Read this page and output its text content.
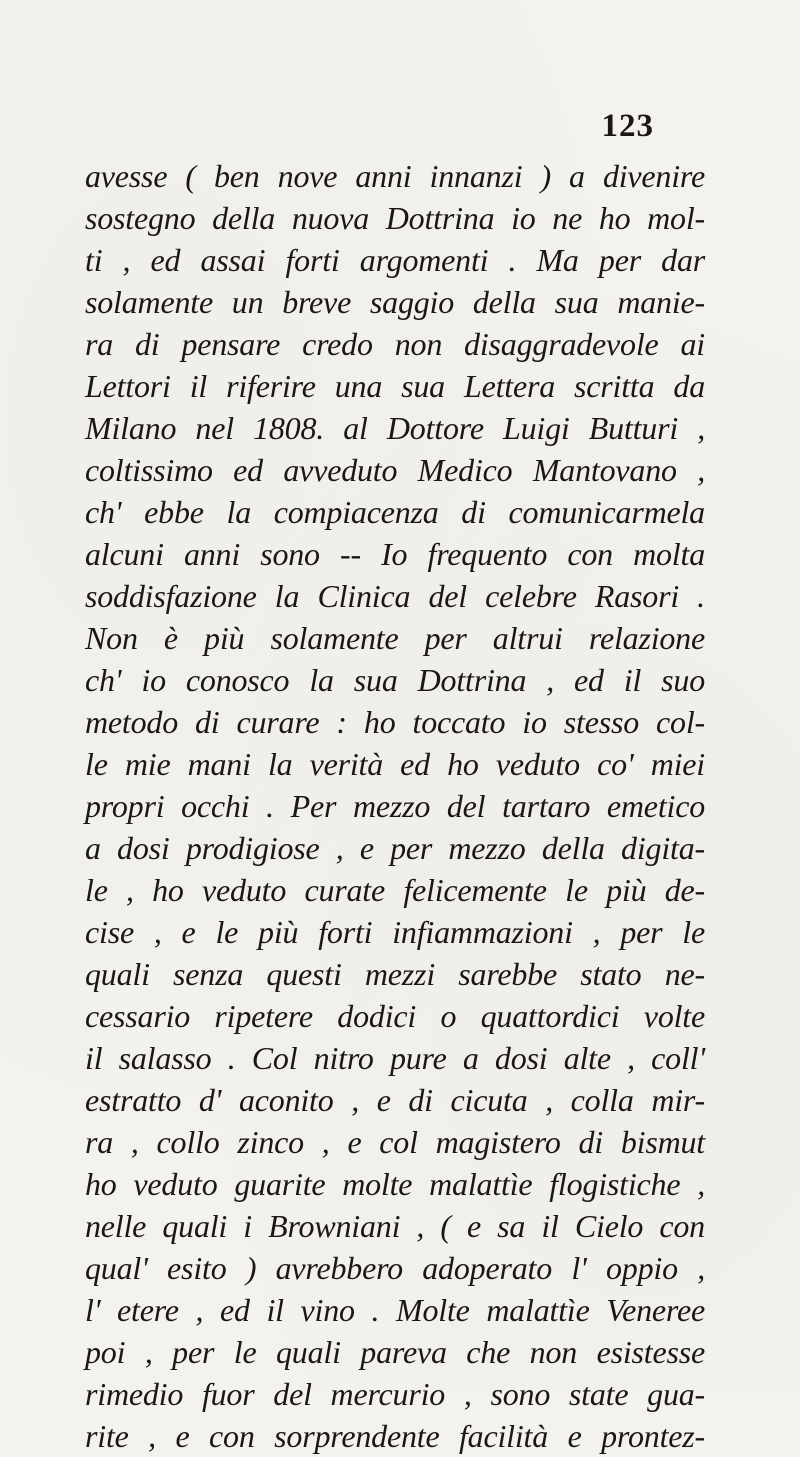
123
avesse ( ben nove anni innanzi ) a divenire
sostegno della nuova Dottrina io ne ho mol-
ti , ed assai forti argomenti . Ma per dar
solamente un breve saggio della sua manie-
ra di pensare credo non disaggradevole ai
Lettori il riferire una sua Lettera scritta da
Milano nel 1808. al Dottore Luigi Butturi ,
coltissimo ed avveduto Medico Mantovano ,
ch' ebbe la compiacenza di comunicarmela
alcuni anni sono -- Io frequento con molta
soddisfazione la Clinica del celebre Rasori .
Non è più solamente per altrui relazione
ch' io conosco la sua Dottrina , ed il suo
metodo di curare : ho toccato io stesso col-
le mie mani la verità ed ho veduto co' miei
propri occhi . Per mezzo del tartaro emetico
a dosi prodigiose , e per mezzo della digita-
le , ho veduto curate felicemente le più de-
cise , e le più forti infiammazioni , per le
quali senza questi mezzi sarebbe stato ne-
cessario ripetere dodici o quattordici volte
il salasso . Col nitro pure a dosi alte , coll'
estratto d' aconito , e di cicuta , colla mir-
ra , collo zinco , e col magistero di bismut
ho veduto guarite molte malattìe flogistiche ,
nelle quali i Browniani , ( e sa il Cielo con
qual' esito ) avrebbero adoperato l' oppio ,
l' etere , ed il vino . Molte malattìe Veneree
poi , per le quali pareva che non esistesse
rimedio fuor del mercurio , sono state gua-
rite , e con sorprendente facilità e prontez-
